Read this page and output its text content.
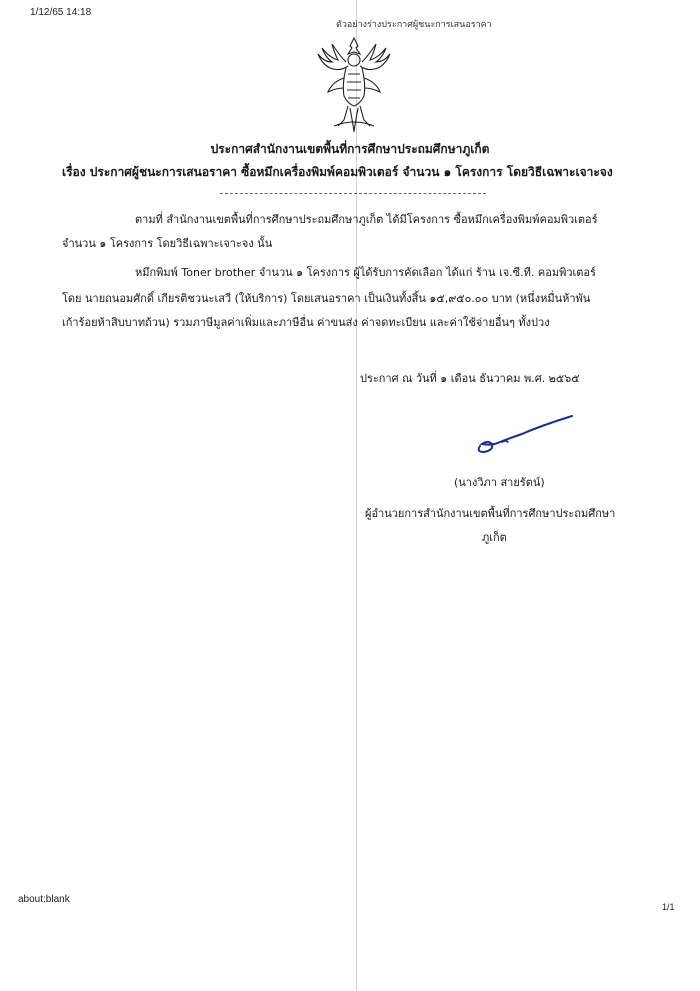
1/12/65 14:18
ตัวอย่างร่างประกาศผู้ชนะการเสนอราคา
ประกาศสำนักงานเขตพื้นที่การศึกษาประถมศึกษาภูเก็ต
เรื่อง ประกาศผู้ชนะการเสนอราคา ซื้อหมึกเครื่องพิมพ์คอมพิวเตอร์ จำนวน ๑ โครงการ โดยวิธีเฉพาะเจาะจง
ตามที่ สำนักงานเขตพื้นที่การศึกษาประถมศึกษาภูเก็ต ได้มีโครงการ ซื้อหมึกเครื่องพิมพ์คอมพิวเตอร์
จำนวน ๑ โครงการ โดยวิธีเฉพาะเจาะจง นั้น
หมึกพิมพ์ Toner brother จำนวน ๑ โครงการ ผู้ได้รับการคัดเลือก ได้แก่ ร้าน เจ.ซี.ที. คอมพิวเตอร์
โดย นายถนอมศักดิ์ เกียรติชวนะเสวี (ให้บริการ) โดยเสนอราคา เป็นเงินทั้งสิ้น ๑๕,๙๕๐.๐๐ บาท (หนึ่งหมื่นห้าพัน
เก้าร้อยห้าสิบบาทถ้วน) รวมภาษีมูลค่าเพิ่มและภาษีอื่น ค่าขนส่ง ค่าจดทะเบียน และค่าใช้จ่ายอื่นๆ ทั้งปวง
ประกาศ ณ วันที่ ๑ เดือน ธันวาคม พ.ศ. ๒๕๖๕
(นางวิภา สายรัตน์)
ผู้อำนวยการสำนักงานเขตพื้นที่การศึกษาประถมศึกษา
ภูเก็ต
about:blank
1/1
